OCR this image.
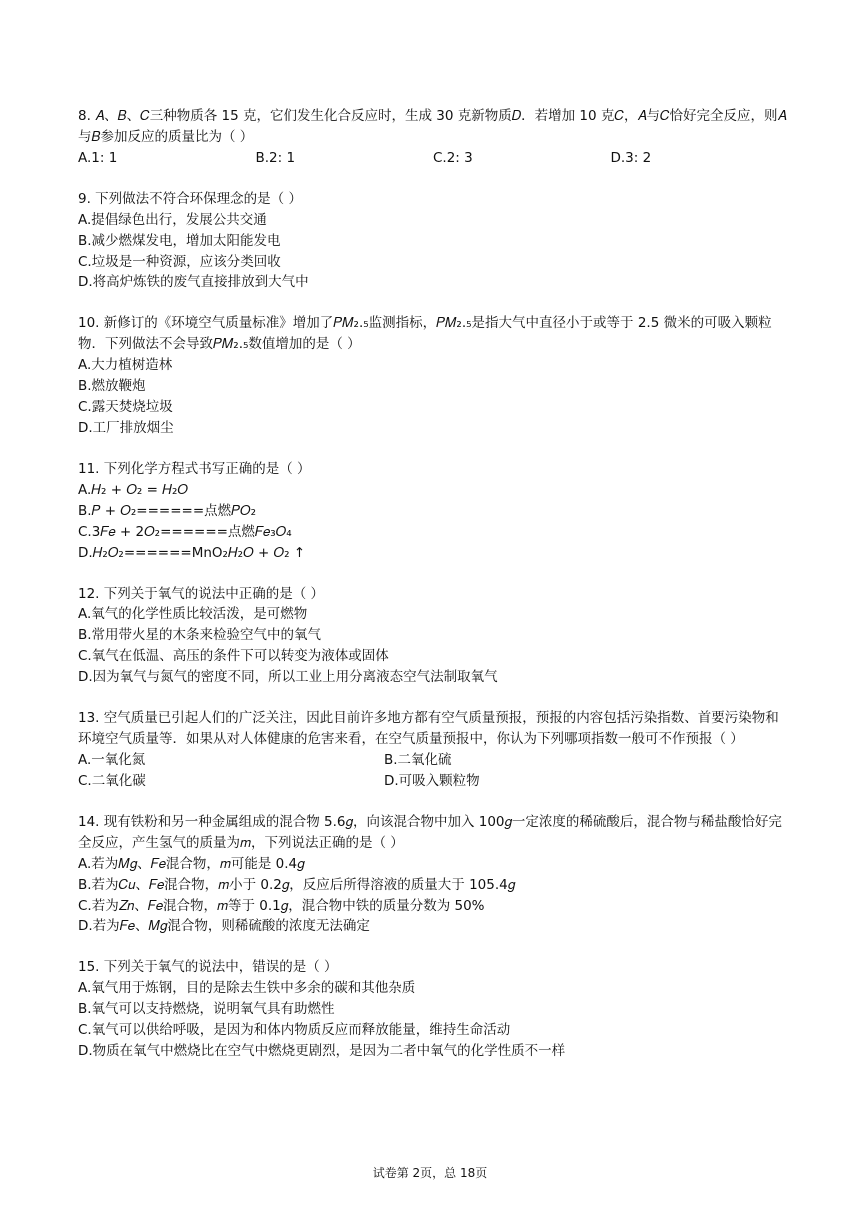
8. 𝐴、𝐵、𝐶三种物质各 15 克，它们发生化合反应时，生成 30 克新物质𝐷．若增加 10 克𝐶，𝐴与𝐶恰好完全反应，则𝐴与𝐵参加反应的质量比为（ ）

A.1: 1	B.2: 1	C.2: 3	D.3: 2

9. 下列做法不符合环保理念的是（ ）

A.提倡绿色出行，发展公共交通

B.减少燃煤发电，增加太阳能发电

C.垃圾是一种资源，应该分类回收

D.将高炉炼铁的废气直接排放到大气中

10. 新修订的《环境空气质量标准》增加了𝑃𝑀₂.₅监测指标，𝑃𝑀₂.₅是指大气中直径小于或等于 2.5 微米的可吸入颗粒物．下列做法不会导致𝑃𝑀₂.₅数值增加的是（ ）

A.大力植树造林
B.燃放鞭炮
C.露天焚烧垃圾
D.工厂排放烟尘

11. 下列化学方程式书写正确的是（ ）

A.𝐻₂ + 𝑂₂ = 𝐻₂𝑂

B.𝑃 + 𝑂₂======点燃𝑃𝑂₂

C.3𝐹𝑒 + 2𝑂₂======点燃𝐹𝑒₃𝑂₄

D.𝐻₂𝑂₂======MnO₂𝐻₂𝑂 + 𝑂₂ ↑

12. 下列关于氧气的说法中正确的是（ ）

A.氧气的化学性质比较活泼，是可燃物

B.常用带火星的木条来检验空气中的氧气

C.氧气在低温、高压的条件下可以转变为液体或固体

D.因为氧气与氮气的密度不同，所以工业上用分离液态空气法制取氧气

13. 空气质量已引起人们的广泛关注，因此目前许多地方都有空气质量预报，预报的内容包括污染指数、首要污染物和环境空气质量等．如果从对人体健康的危害来看，在空气质量预报中，你认为下列哪项指数一般可不作预报（ ）

A.一氧化氮	B.二氧化硫
C.二氧化碳	D.可吸入颗粒物

14. 现有铁粉和另一种金属组成的混合物 5.6𝑔，向该混合物中加入 100𝑔一定浓度的稀硫酸后，混合物与稀盐酸恰好完全反应，产生氢气的质量为𝑚，下列说法正确的是（ ）

A.若为𝑀𝑔、𝐹𝑒混合物，𝑚可能是 0.4𝑔

B.若为𝐶𝑢、𝐹𝑒混合物，𝑚小于 0.2𝑔，反应后所得溶液的质量大于 105.4𝑔

C.若为𝑍𝑛、𝐹𝑒混合物，𝑚等于 0.1𝑔，混合物中铁的质量分数为 50%

D.若为𝐹𝑒、𝑀𝑔混合物，则稀硫酸的浓度无法确定

15. 下列关于氧气的说法中，错误的是（ ）

A.氧气用于炼钢，目的是除去生铁中多余的碳和其他杂质

B.氧气可以支持燃烧，说明氧气具有助燃性

C.氧气可以供给呼吸，是因为和体内物质反应而释放能量，维持生命活动

D.物质在氧气中燃烧比在空气中燃烧更剧烈，是因为二者中氧气的化学性质不一样

试卷第 2页，总 18页
